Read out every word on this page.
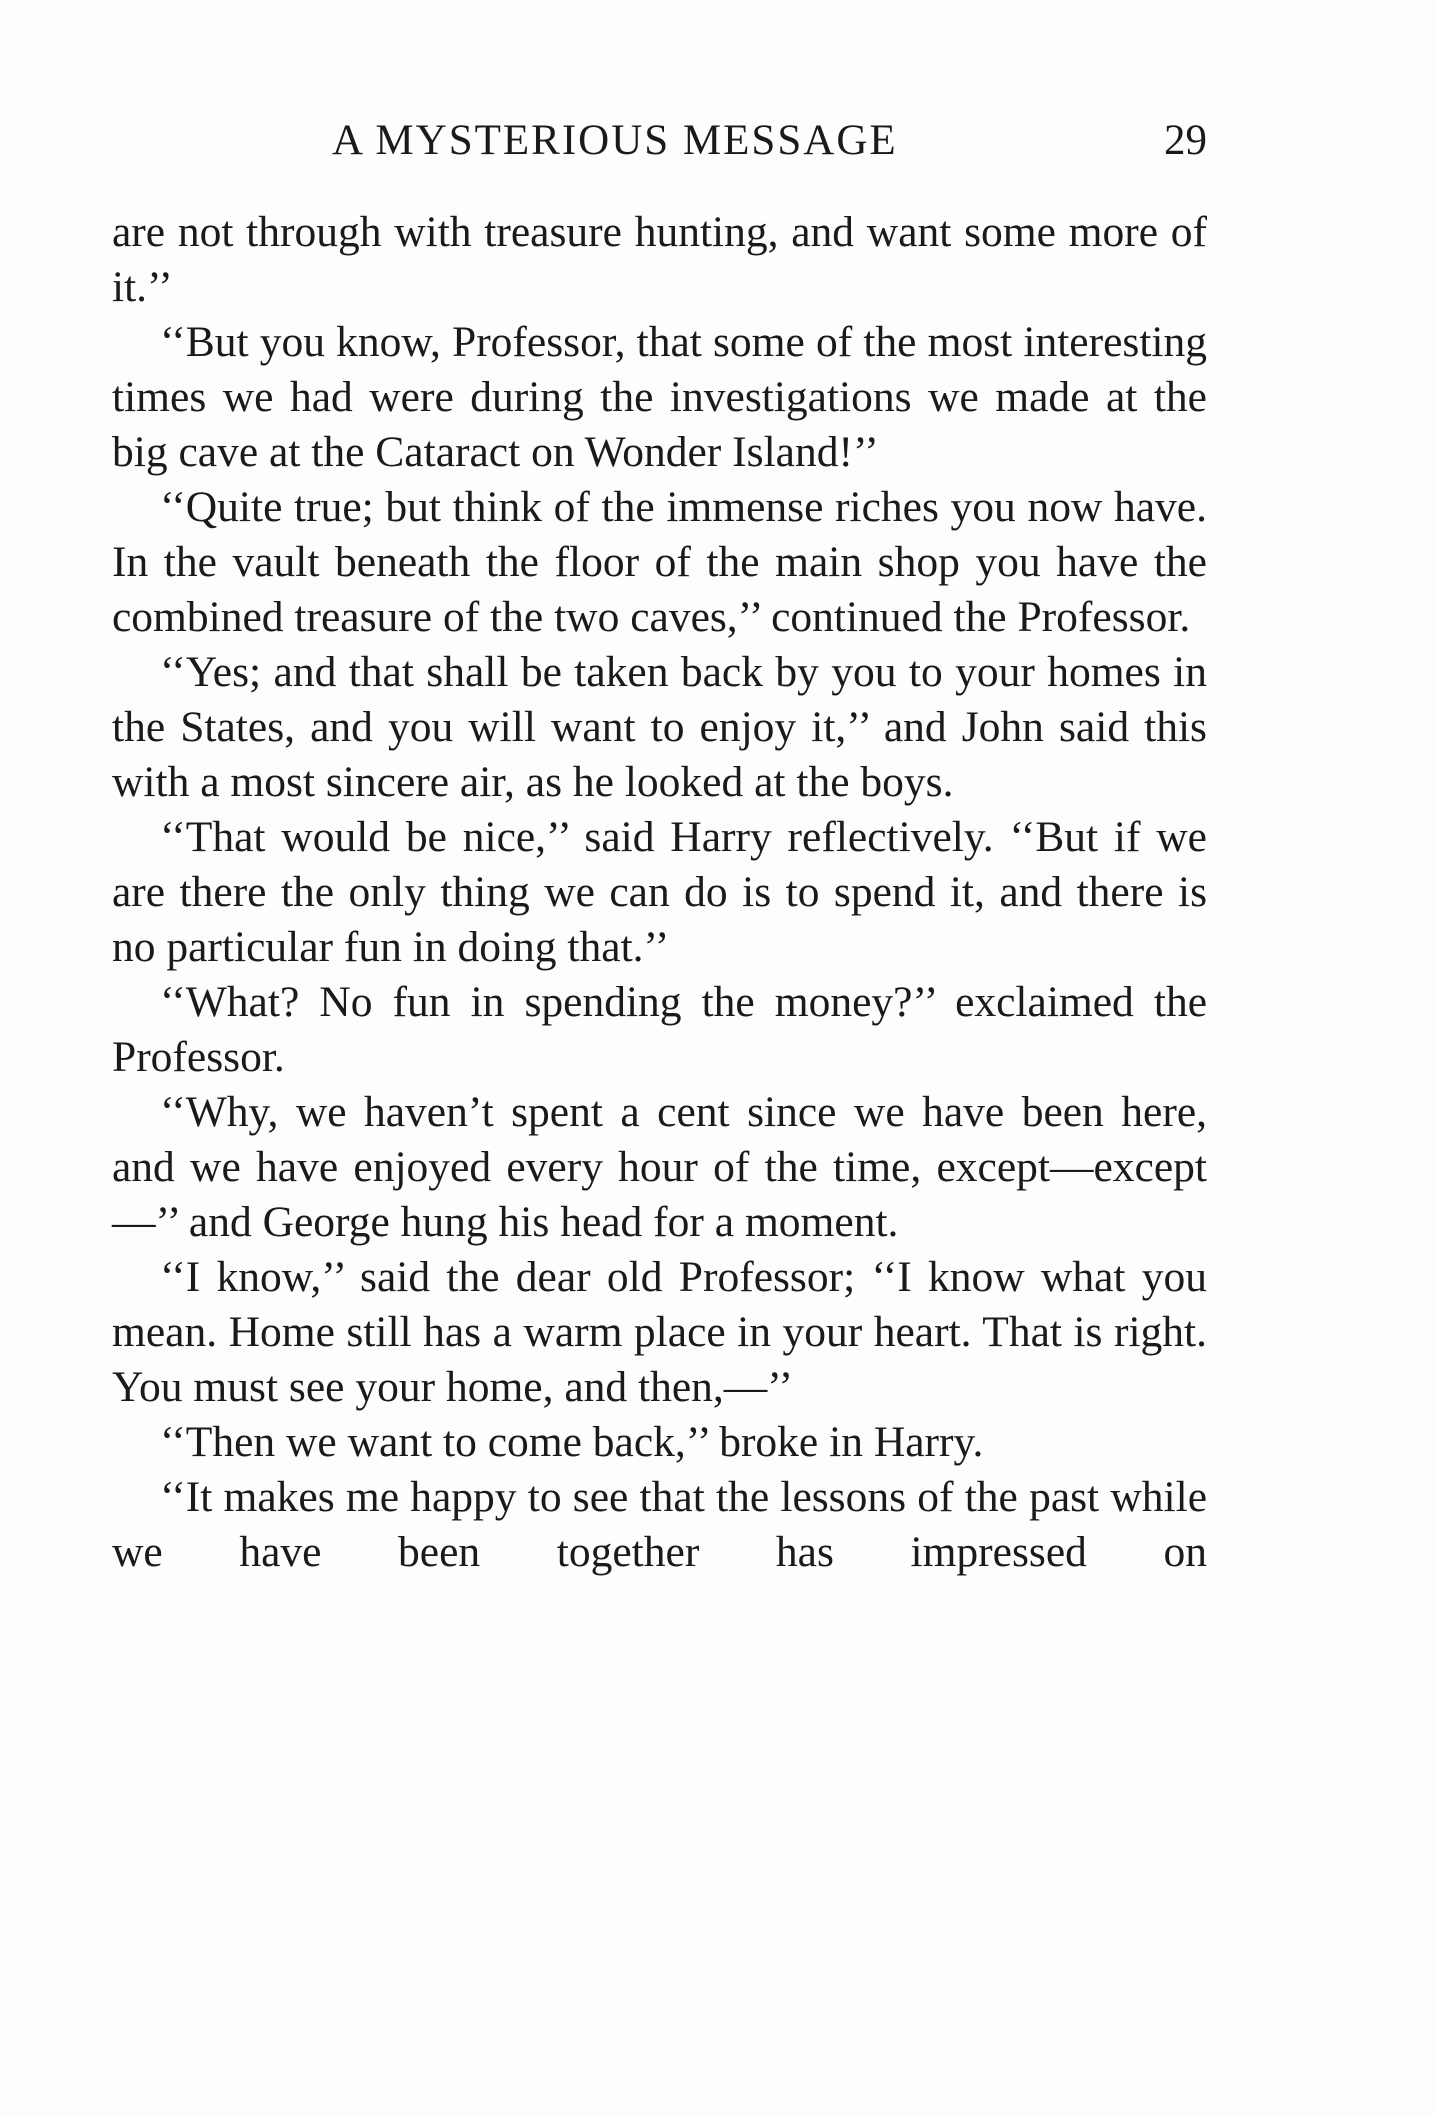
A MYSTERIOUS MESSAGE	29

are not through with treasure hunting, and want some more of it.’’

‘‘But you know, Professor, that some of the most interesting times we had were during the investigations we made at the big cave at the Cataract on Wonder Island!’’

‘‘Quite true; but think of the immense riches you now have. In the vault beneath the floor of the main shop you have the combined treasure of the two caves,’’ continued the Professor.

‘‘Yes; and that shall be taken back by you to your homes in the States, and you will want to enjoy it,’’ and John said this with a most sincere air, as he looked at the boys.

‘‘That would be nice,’’ said Harry reflectively. ‘‘But if we are there the only thing we can do is to spend it, and there is no particular fun in doing that.’’

‘‘What? No fun in spending the money?’’ exclaimed the Professor.

‘‘Why, we haven’t spent a cent since we have been here, and we have enjoyed every hour of the time, except—except—’’ and George hung his head for a moment.

‘‘I know,’’ said the dear old Professor; ‘‘I know what you mean. Home still has a warm place in your heart. That is right. You must see your home, and then,—’’

‘‘Then we want to come back,’’ broke in Harry.

‘‘It makes me happy to see that the lessons of the past while we have been together has impressed on
